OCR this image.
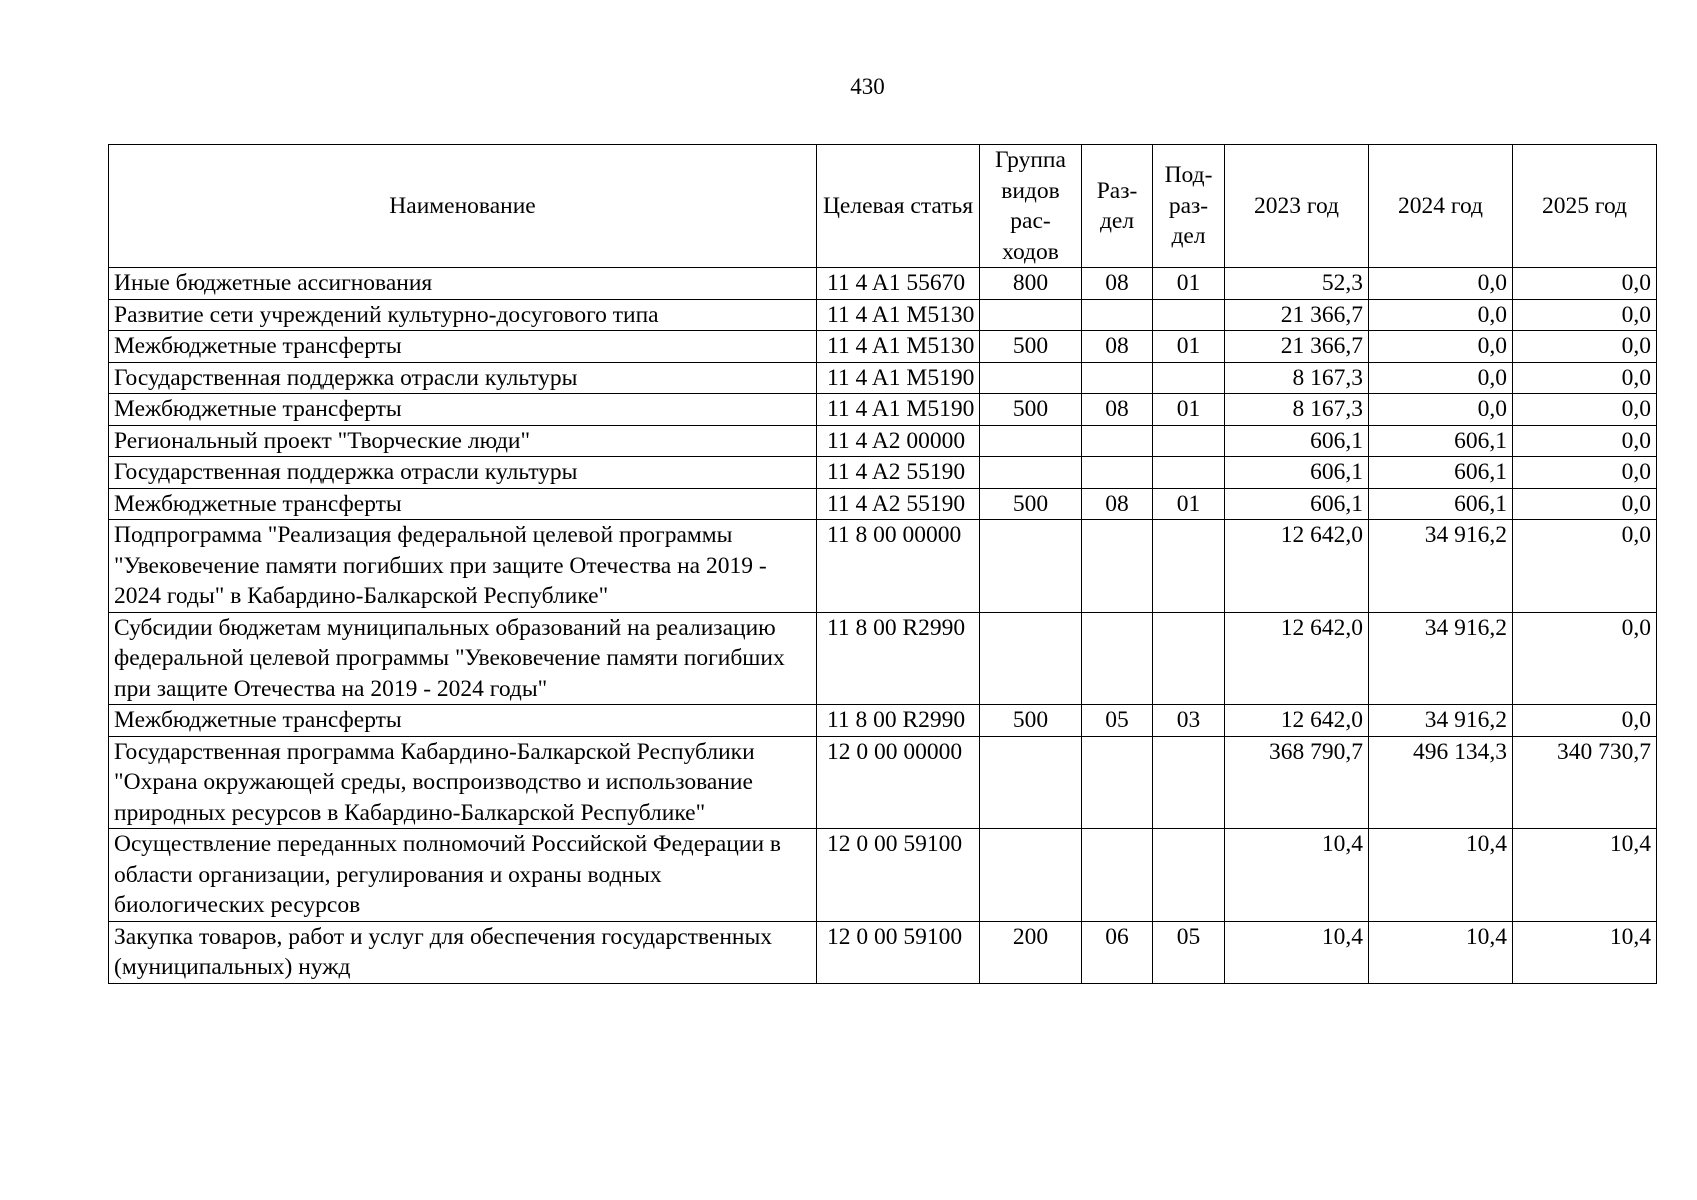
430
Наименование	Целевая статья	Группа видов рас-ходов	Раз-дел	Под-раз-дел	2023 год	2024 год	2025 год
Иные бюджетные ассигнования	11 4 A1 55670	800	08	01	52,3	0,0	0,0
Развитие сети учреждений культурно-досугового типа	11 4 A1 M5130				21 366,7	0,0	0,0
Межбюджетные трансферты	11 4 A1 M5130	500	08	01	21 366,7	0,0	0,0
Государственная поддержка отрасли культуры	11 4 A1 M5190				8 167,3	0,0	0,0
Межбюджетные трансферты	11 4 A1 M5190	500	08	01	8 167,3	0,0	0,0
Региональный проект "Творческие люди"	11 4 A2 00000				606,1	606,1	0,0
Государственная поддержка отрасли культуры	11 4 A2 55190				606,1	606,1	0,0
Межбюджетные трансферты	11 4 A2 55190	500	08	01	606,1	606,1	0,0
Подпрограмма "Реализация федеральной целевой программы "Увековечение памяти погибших при защите Отечества на 2019 - 2024 годы" в Кабардино-Балкарской Республике"	11 8 00 00000				12 642,0	34 916,2	0,0
Субсидии бюджетам муниципальных образований на реализацию федеральной целевой программы "Увековечение памяти погибших при защите Отечества на 2019 - 2024 годы"	11 8 00 R2990				12 642,0	34 916,2	0,0
Межбюджетные трансферты	11 8 00 R2990	500	05	03	12 642,0	34 916,2	0,0
Государственная программа Кабардино-Балкарской Республики "Охрана окружающей среды, воспроизводство и использование природных ресурсов в Кабардино-Балкарской Республике"	12 0 00 00000				368 790,7	496 134,3	340 730,7
Осуществление переданных полномочий Российской Федерации в области организации, регулирования и охраны водных биологических ресурсов	12 0 00 59100				10,4	10,4	10,4
Закупка товаров, работ и услуг для обеспечения государственных (муниципальных) нужд	12 0 00 59100	200	06	05	10,4	10,4	10,4
